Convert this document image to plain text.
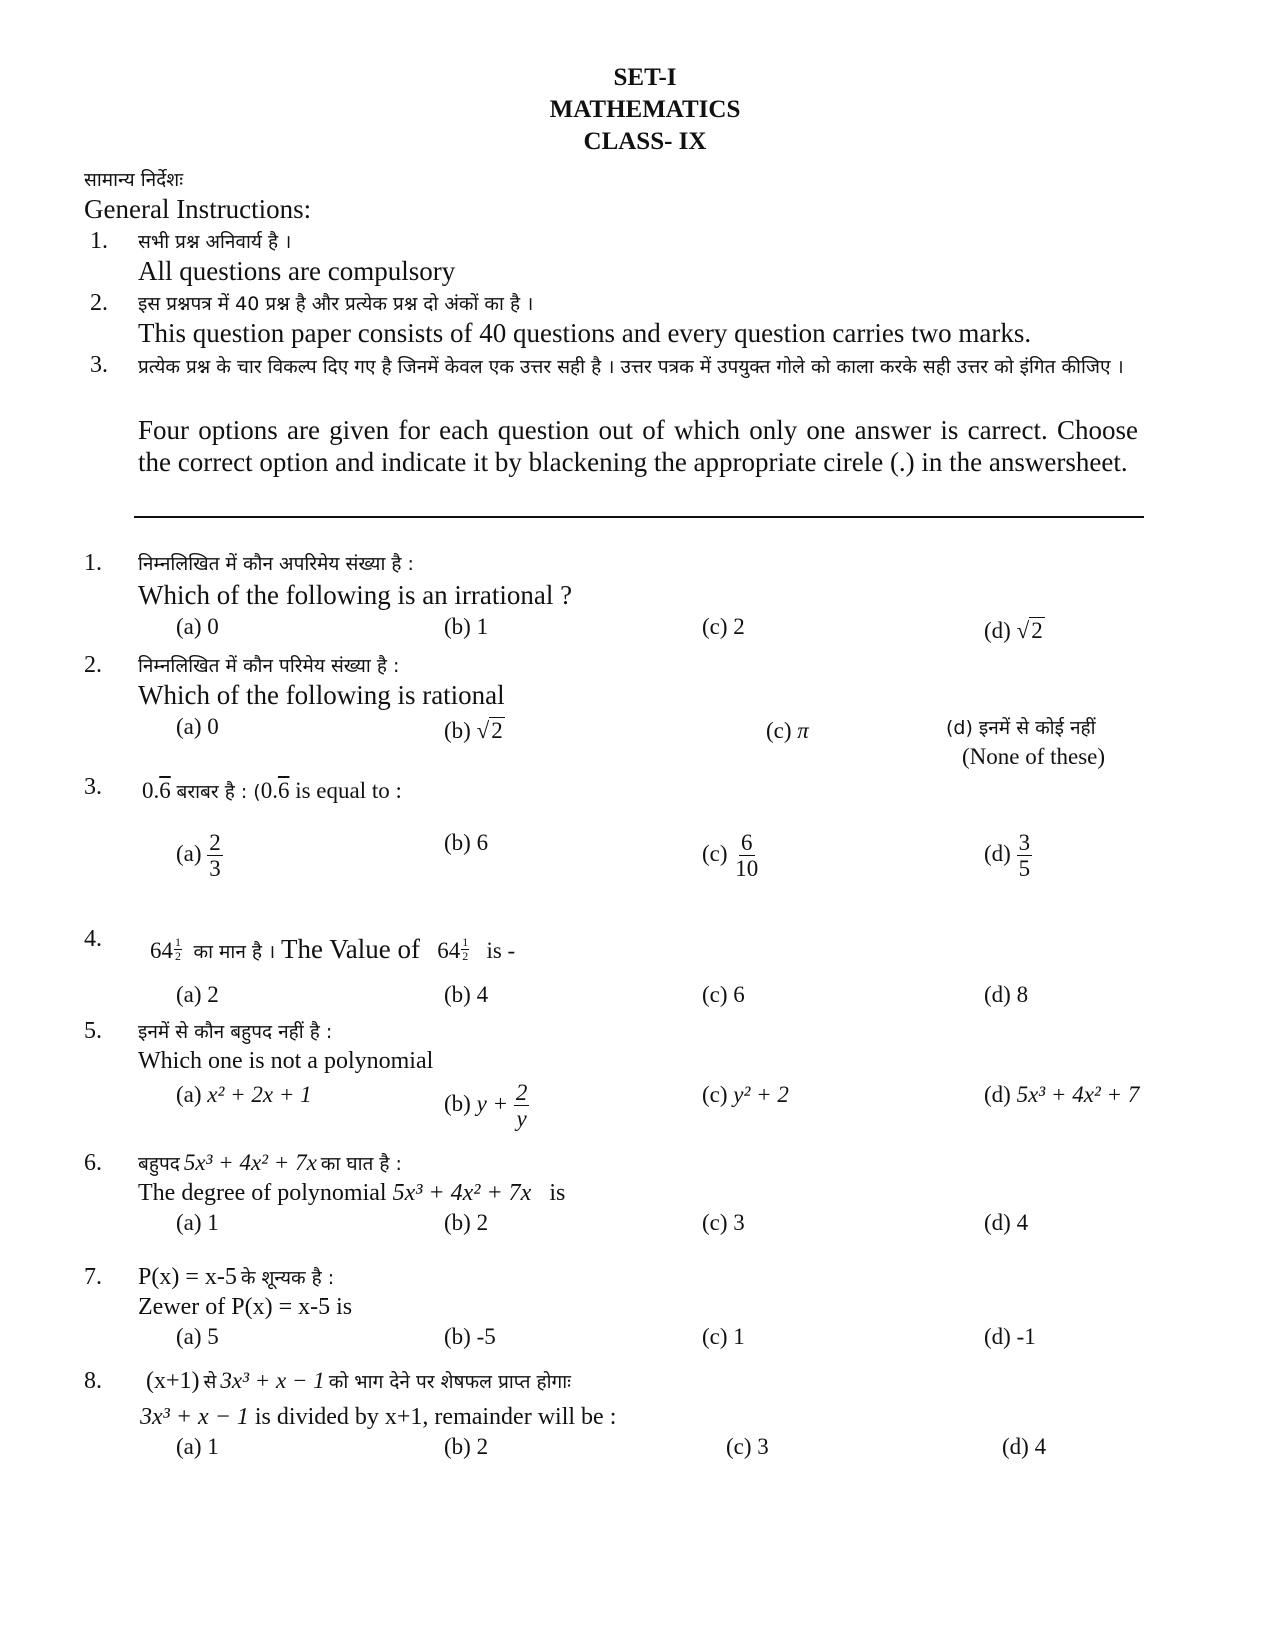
SET-I
MATHEMATICS
CLASS- IX
सामान्य निर्देशः
General Instructions:
1. सभी प्रश्न अनिवार्य है ।
All questions are compulsory
2. इस प्रश्नपत्र में 40 प्रश्न है और प्रत्येक प्रश्न दो अंकों का है ।
This question paper consists of 40 questions and every question carries two marks.
3. प्रत्येक प्रश्न के चार विकल्प दिए गए है जिनमें केवल एक उत्तर सही है । उत्तर पत्रक में उपयुक्त गोले को काला करके सही उत्तर को इंगित कीजिए ।
Four options are given for each question out of which only one answer is carrect. Choose the correct option and indicate it by blackening the appropriate cirele (.) in the answersheet.
1. निम्नलिखित में कौन अपरिमेय संख्या है :
Which of the following is an irrational ?
(a) 0	(b) 1	(c) 2	(d) √2
2. निम्नलिखित में कौन परिमेय संख्या है :
Which of the following is rational
(a) 0	(b) √2	(c) π	(d) इनमें से कोई नहीं
(None of these)
3. 0.6 बराबर है : (0.6 is equal to :
$(a) \frac{2}{3}$	(b) 6	$(c) \frac{6}{10}$	$(d) \frac{3}{5}$
4. $64 \frac{1}{2}$ का मान है । The Value of $64 \frac{1}{2}$ is -
(a) 2	(b) 4	(c) 6	(d) 8
5. इनमें से कौन बहुपद नहीं है :
Which one is not a polynomial
(a) x² + 2x + 1	(b) $y + \frac{2}{y}$	(c) y² + 2	(d) 5x³ + 4x² + 7
6. बहुपद 5x³ + 4x² + 7x का घात है :
The degree of polynomial 5x³ + 4x² + 7x is
(a) 1	(b) 2	(c) 3	(d) 4
7. P(x) = x-5 के शून्यक है :
Zewer of P(x) = x-5 is
(a) 5	(b) -5	(c) 1	(d) -1
8. (x+1) से 3x³ + x − 1 को भाग देने पर शेषफल प्राप्त होगाः
3x³ + x − 1 is divided by x+1, remainder will be :
(a) 1	(b) 2	(c) 3	(d) 4
